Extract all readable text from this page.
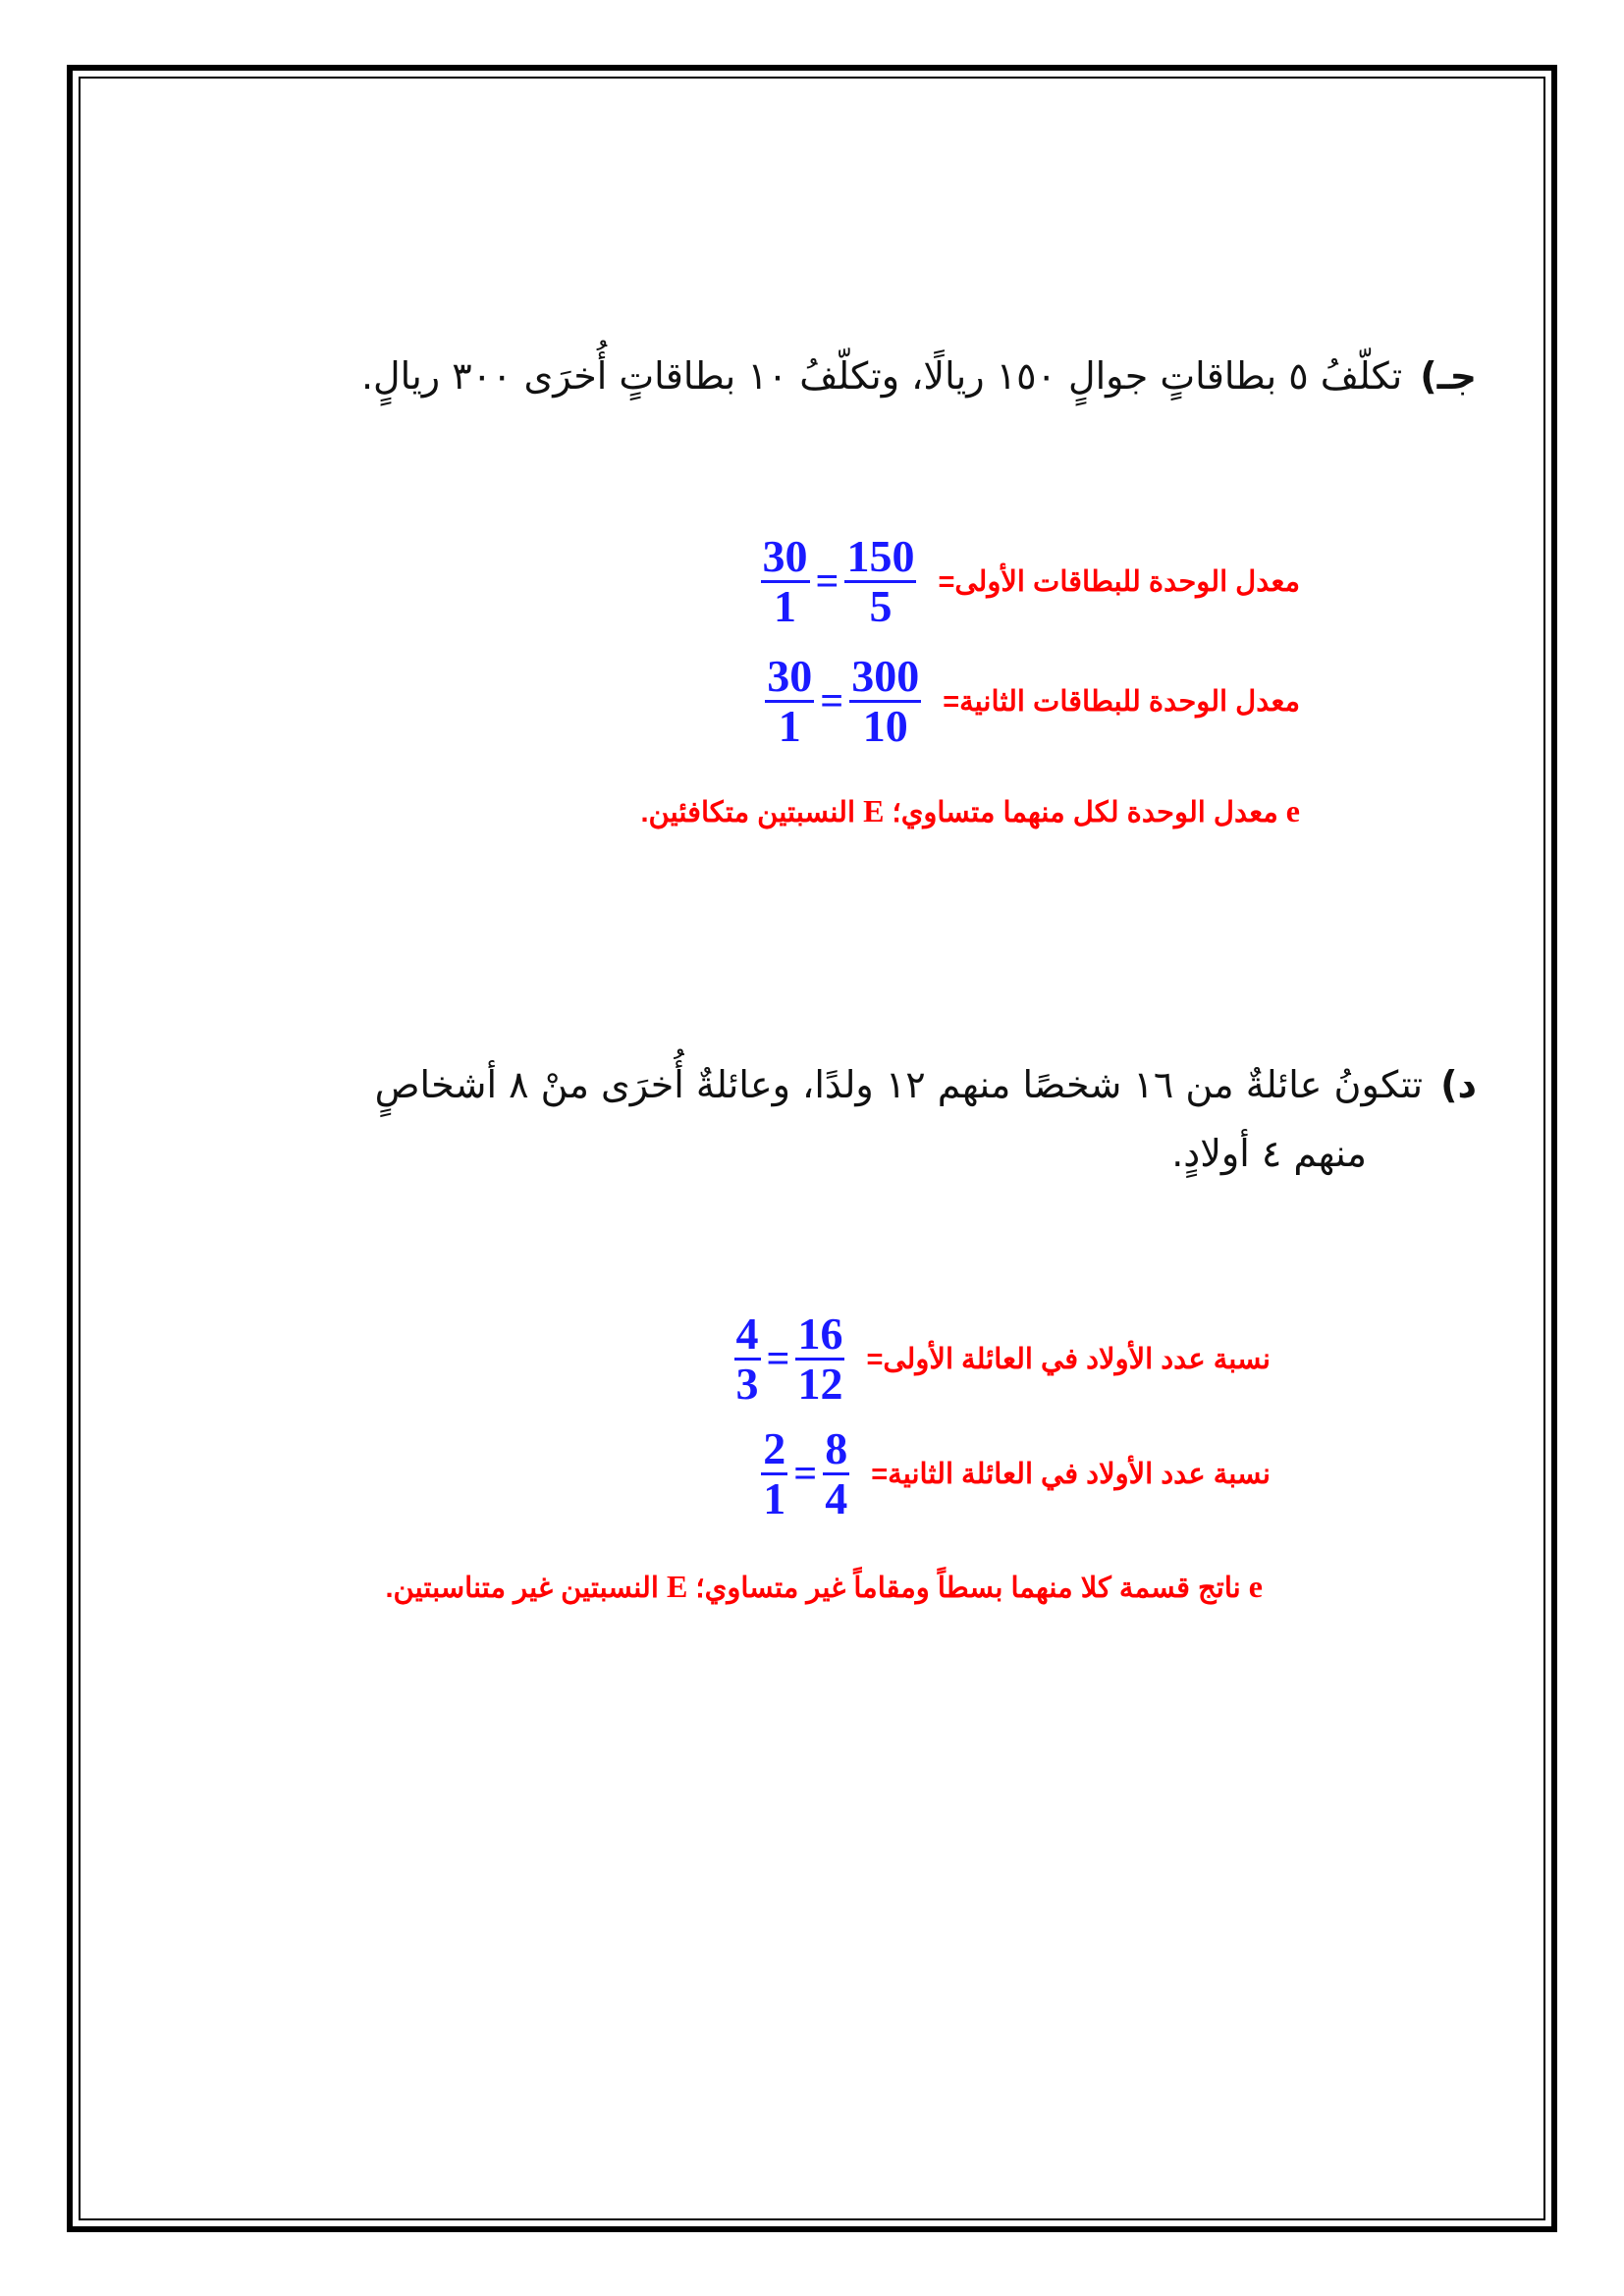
جـ)تكلّفُ ٥ بطاقاتٍ جوالٍ ١٥٠ ريالًا، وتكلّفُ ١٠ بطاقاتٍ أُخرَى ٣٠٠ ريالٍ.
معدل الوحدة للبطاقات الأولى=
$\frac{30}{1} = \frac{150}{5}$
معدل الوحدة للبطاقات الثانية=
$\frac{30}{1} = \frac{300}{10}$
e معدل الوحدة لكل منهما متساوي؛ E النسبتين متكافئين.
د)تتكونُ عائلةٌ من ١٦ شخصًا منهم ١٢ ولدًا، وعائلةٌ أُخرَى منْ ٨ أشخاصٍ
منهم ٤ أولادٍ.
نسبة عدد الأولاد في العائلة الأولى=
$\frac{4}{3} = \frac{16}{12}$
نسبة عدد الأولاد في العائلة الثانية=
$\frac{2}{1} = \frac{8}{4}$
e ناتج قسمة كلا منهما بسطاً ومقاماً غير متساوي؛ E النسبتين غير متناسبتين.
